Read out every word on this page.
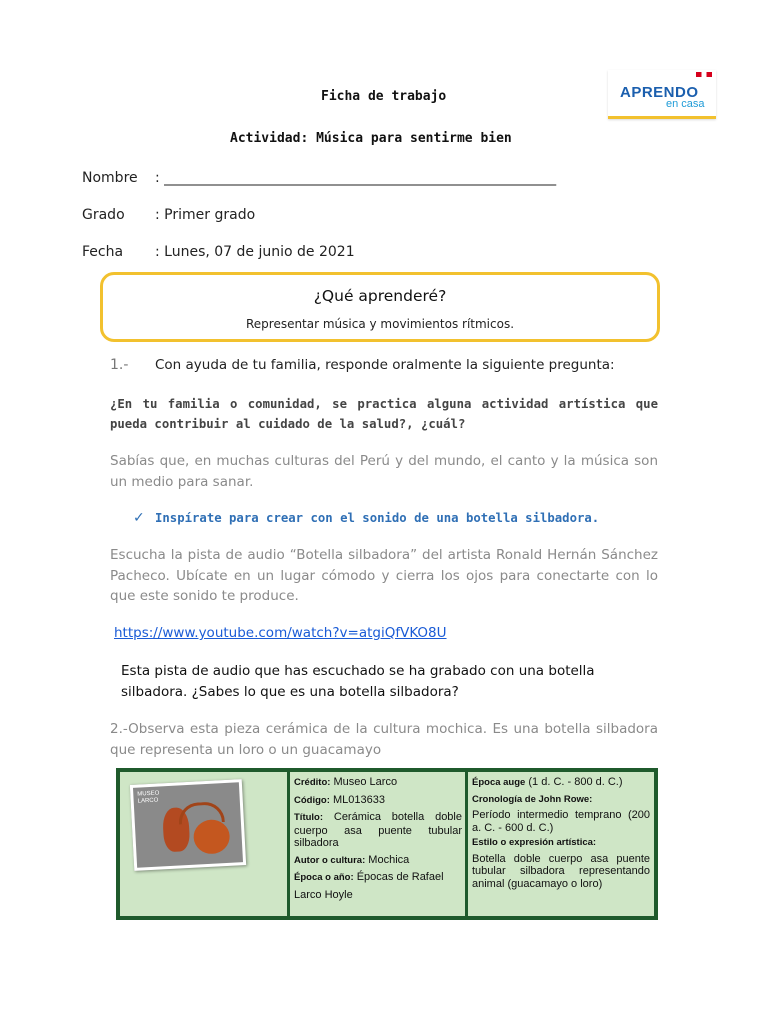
APRENDO
en casa
Ficha de trabajo
Actividad: Música para sentirme bien
Nombre : ________________________________________________________
Grado : Primer grado
Fecha : Lunes, 07 de junio de 2021
¿Qué aprenderé?
Representar música y movimientos rítmicos.
1.- Con ayuda de tu familia, responde oralmente la siguiente pregunta:
¿En tu familia o comunidad, se practica alguna actividad artística que pueda contribuir al cuidado de la salud?, ¿cuál?
Sabías que, en muchas culturas del Perú y del mundo, el canto y la música son un medio para sanar.
✓ Inspírate para crear con el sonido de una botella silbadora.
Escucha la pista de audio “Botella silbadora” del artista Ronald Hernán Sánchez Pacheco. Ubícate en un lugar cómodo y cierra los ojos para conectarte con lo que este sonido te produce.
https://www.youtube.com/watch?v=atgiQfVKO8U
Esta pista de audio que has escuchado se ha grabado con una botella silbadora. ¿Sabes lo que es una botella silbadora?
2.-Observa esta pieza cerámica de la cultura mochica. Es una botella silbadora que representa un loro o un guacamayo
MUSEO LARCO
Crédito: Museo Larco
Código: ML013633
Título: Cerámica botella doble cuerpo asa puente tubular silbadora
Autor o cultura: Mochica
Época o año: Épocas de Rafael
Larco Hoyle
Época auge (1 d. C. - 800 d. C.)
Cronología de John Rowe:
Período intermedio temprano (200 a. C. - 600 d. C.)
Estilo o expresión artística:
Botella doble cuerpo asa puente tubular silbadora representando animal (guacamayo o loro)
